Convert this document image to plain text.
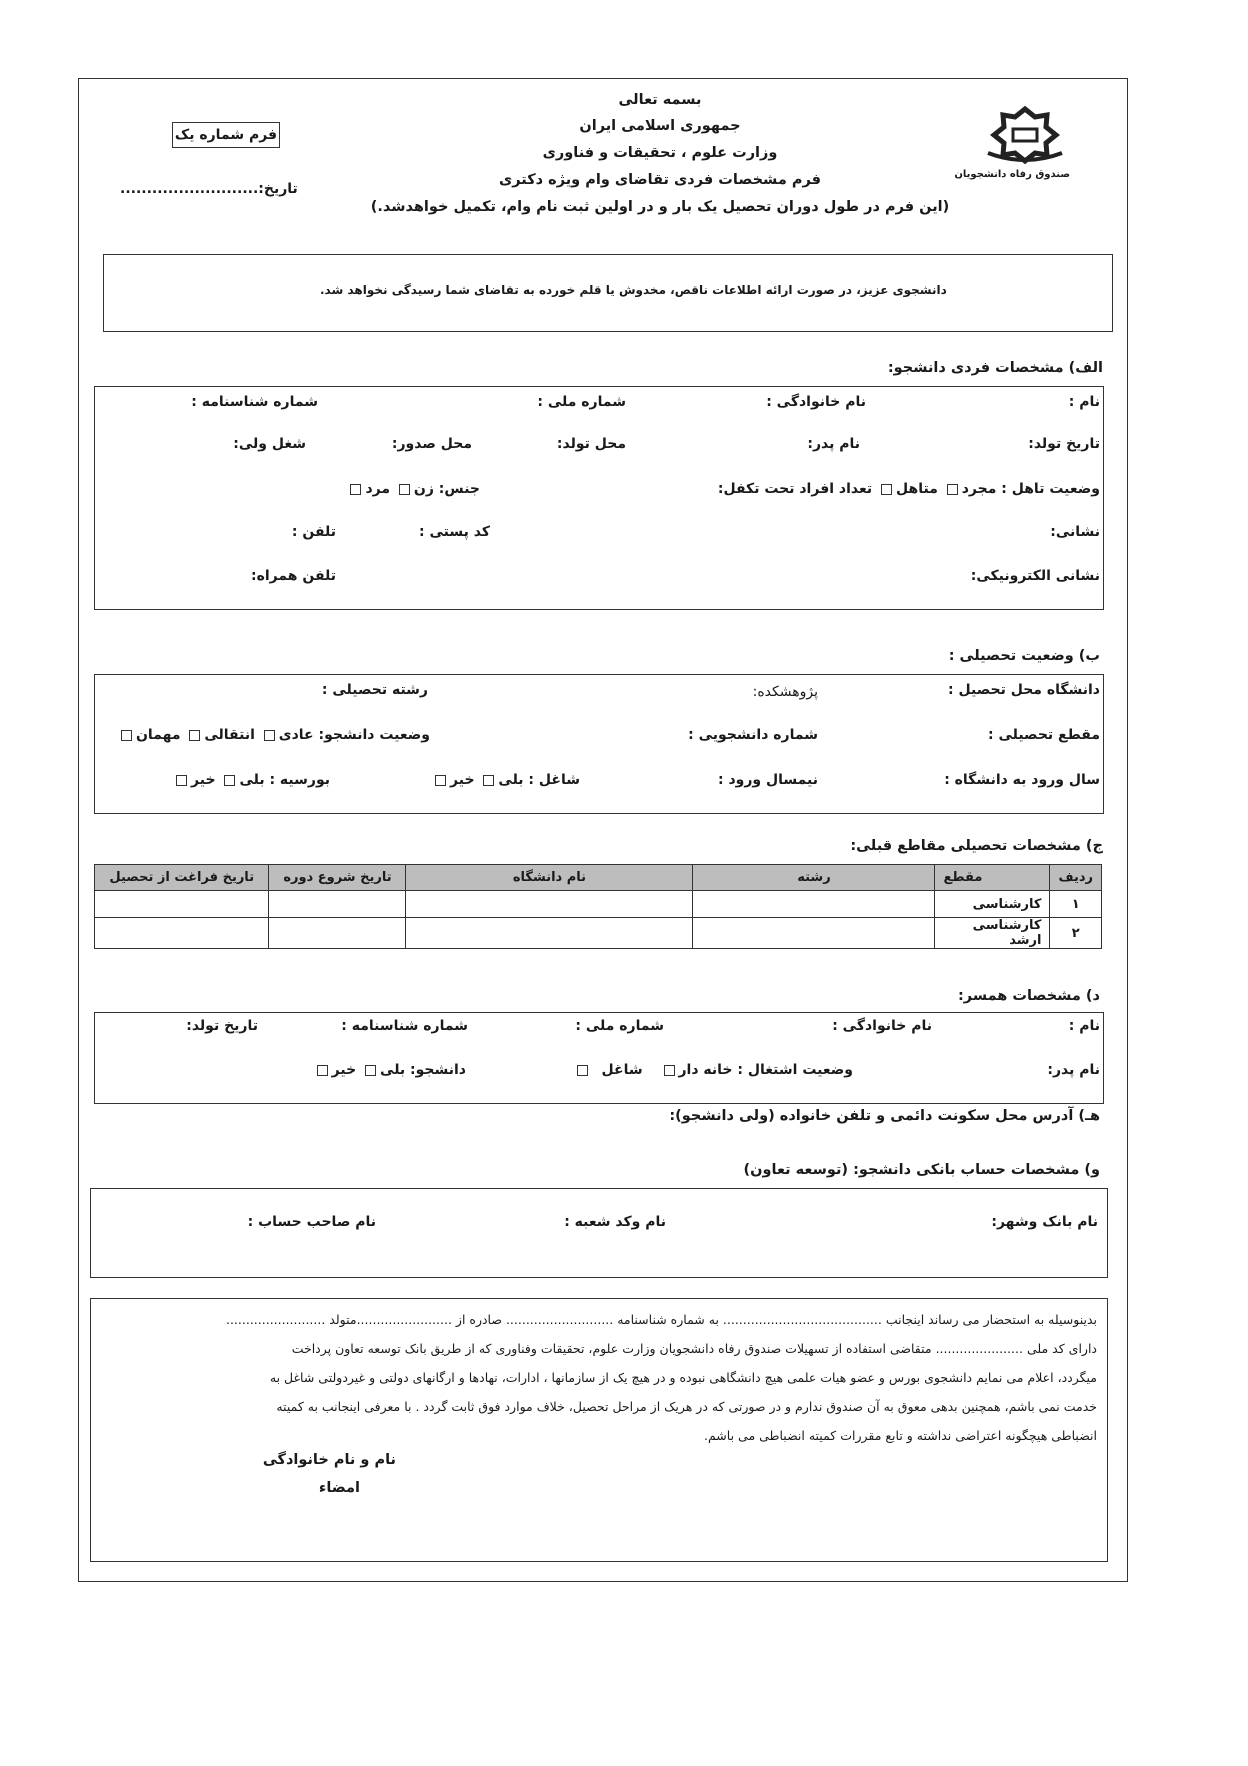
بسمه تعالی
جمهوری اسلامی ایران
وزارت علوم ، تحقیقات و فناوری
فرم مشخصات فردی تقاضای وام ویژه دکتری
(این فرم در طول دوران تحصیل یک بار و در اولین ثبت نام وام، تکمیل خواهدشد.)
فرم شماره یک
تاریخ:..........................
صندوق رفاه دانشجویان
دانشجوی عزیز، در صورت ارائه اطلاعات ناقص، مخدوش یا قلم خورده به تقاضای شما رسیدگی نخواهد شد.
الف) مشخصات فردی دانشجو:
نام :
نام خانوادگی :
شماره ملی :
شماره شناسنامه :
تاریخ تولد:
نام پدر:
محل تولد:
محل صدور:
شغل ولی:
وضعیت تاهل : مجرد متاهل تعداد افراد تحت تکفل:
جنس: زن مرد
نشانی:
کد پستی :
تلفن :
نشانی الکترونیکی:
تلفن همراه:
ب) وضعیت تحصیلی :
دانشگاه محل تحصیل :
پژوهشکده:
رشته تحصیلی :
مقطع تحصیلی :
شماره دانشجویی :
وضعیت دانشجو: عادی انتقالی مهمان
سال ورود به دانشگاه :
نیمسال ورود :
شاغل : بلی خیر
بورسیه : بلی خیر
ج) مشخصات تحصیلی مقاطع قبلی:
ردیف	مقطع	رشته	نام دانشگاه	تاریخ شروع دوره	تاریخ فراغت از تحصیل
۱	کارشناسی				
۲	کارشناسی ارشد				
د) مشخصات همسر:
نام :
نام خانوادگی :
شماره ملی :
شماره شناسنامه :
تاریخ تولد:
نام پدر:
وضعیت اشتغال : خانه دار شاغل
دانشجو: بلی خیر
هـ) آدرس محل سکونت دائمی و تلفن خانواده (ولی دانشجو):
و) مشخصات حساب بانکی دانشجو: (توسعه تعاون)
نام بانک وشهر:
نام وکد شعبه :
نام صاحب حساب :

بدینوسیله به استحضار می رساند اینجانب ........................................ به شماره شناسنامه ........................... صادره از ........................متولد .........................

دارای کد ملی ...................... متقاضی استفاده از تسهیلات صندوق رفاه دانشجویان وزارت علوم، تحقیقات وفناوری که از طریق بانک توسعه تعاون پرداخت

میگردد، اعلام می نمایم دانشجوی بورس و عضو هیات علمی هیچ دانشگاهی نبوده و در هیچ یک از سازمانها ، ادارات، نهادها و ارگانهای دولتی و غیردولتی شاغل به

خدمت نمی باشم، همچنین بدهی معوق به آن صندوق ندارم و در صورتی که در هریک از مراحل تحصیل، خلاف موارد فوق ثابت گردد . با معرفی اینجانب به کمیته

انضباطی هیچگونه اعتراضی نداشته و تابع مقررات کمیته انضباطی می باشم.

نام و نام خانوادگی
امضاء
